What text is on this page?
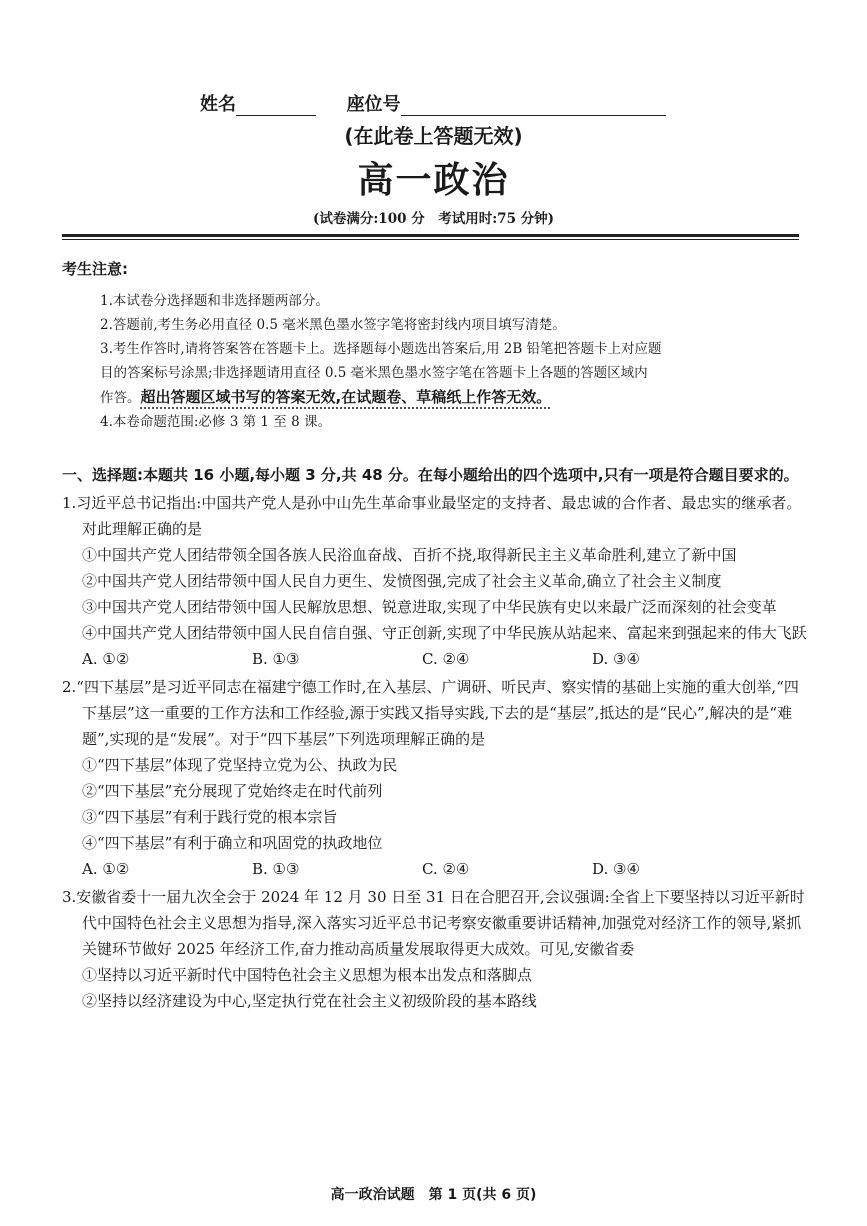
姓名	座位号
(在此卷上答题无效)
高一政治
(试卷满分:100 分　考试用时:75 分钟)
考生注意:

1.本试卷分选择题和非选择题两部分。

2.答题前,考生务必用直径 0.5 毫米黑色墨水签字笔将密封线内项目填写清楚。

3.考生作答时,请将答案答在答题卡上。选择题每小题选出答案后,用 2B 铅笔把答题卡上对应题

目的答案标号涂黑;非选择题请用直径 0.5 毫米黑色墨水签字笔在答题卡上各题的答题区域内

作答。超出答题区域书写的答案无效,在试题卷、草稿纸上作答无效。

4.本卷命题范围:必修 3 第 1 至 8 课。

一、选择题:本题共 16 小题,每小题 3 分,共 48 分。在每小题给出的四个选项中,只有一项是符合题目要求的。
1.习近平总书记指出:中国共产党人是孙中山先生革命事业最坚定的支持者、最忠诚的合作者、最忠实的继承者。对此理解正确的是
①中国共产党人团结带领全国各族人民浴血奋战、百折不挠,取得新民主主义革命胜利,建立了新中国
②中国共产党人团结带领中国人民自力更生、发愤图强,完成了社会主义革命,确立了社会主义制度
③中国共产党人团结带领中国人民解放思想、锐意进取,实现了中华民族有史以来最广泛而深刻的社会变革
④中国共产党人团结带领中国人民自信自强、守正创新,实现了中华民族从站起来、富起来到强起来的伟大飞跃
A. ①②	B. ①③	C. ②④	D. ③④
2.“四下基层”是习近平同志在福建宁德工作时,在入基层、广调研、听民声、察实情的基础上实施的重大创举,“四下基层”这一重要的工作方法和工作经验,源于实践又指导实践,下去的是“基层”,抵达的是“民心”,解决的是“难题”,实现的是“发展”。对于“四下基层”下列选项理解正确的是
①“四下基层”体现了党坚持立党为公、执政为民
②“四下基层”充分展现了党始终走在时代前列
③“四下基层”有利于践行党的根本宗旨
④“四下基层”有利于确立和巩固党的执政地位
A. ①②	B. ①③	C. ②④	D. ③④
3.安徽省委十一届九次全会于 2024 年 12 月 30 日至 31 日在合肥召开,会议强调:全省上下要坚持以习近平新时代中国特色社会主义思想为指导,深入落实习近平总书记考察安徽重要讲话精神,加强党对经济工作的领导,紧抓关键环节做好 2025 年经济工作,奋力推动高质量发展取得更大成效。可见,安徽省委
①坚持以习近平新时代中国特色社会主义思想为根本出发点和落脚点
②坚持以经济建设为中心,坚定执行党在社会主义初级阶段的基本路线
高一政治试题　第 1 页(共 6 页)
